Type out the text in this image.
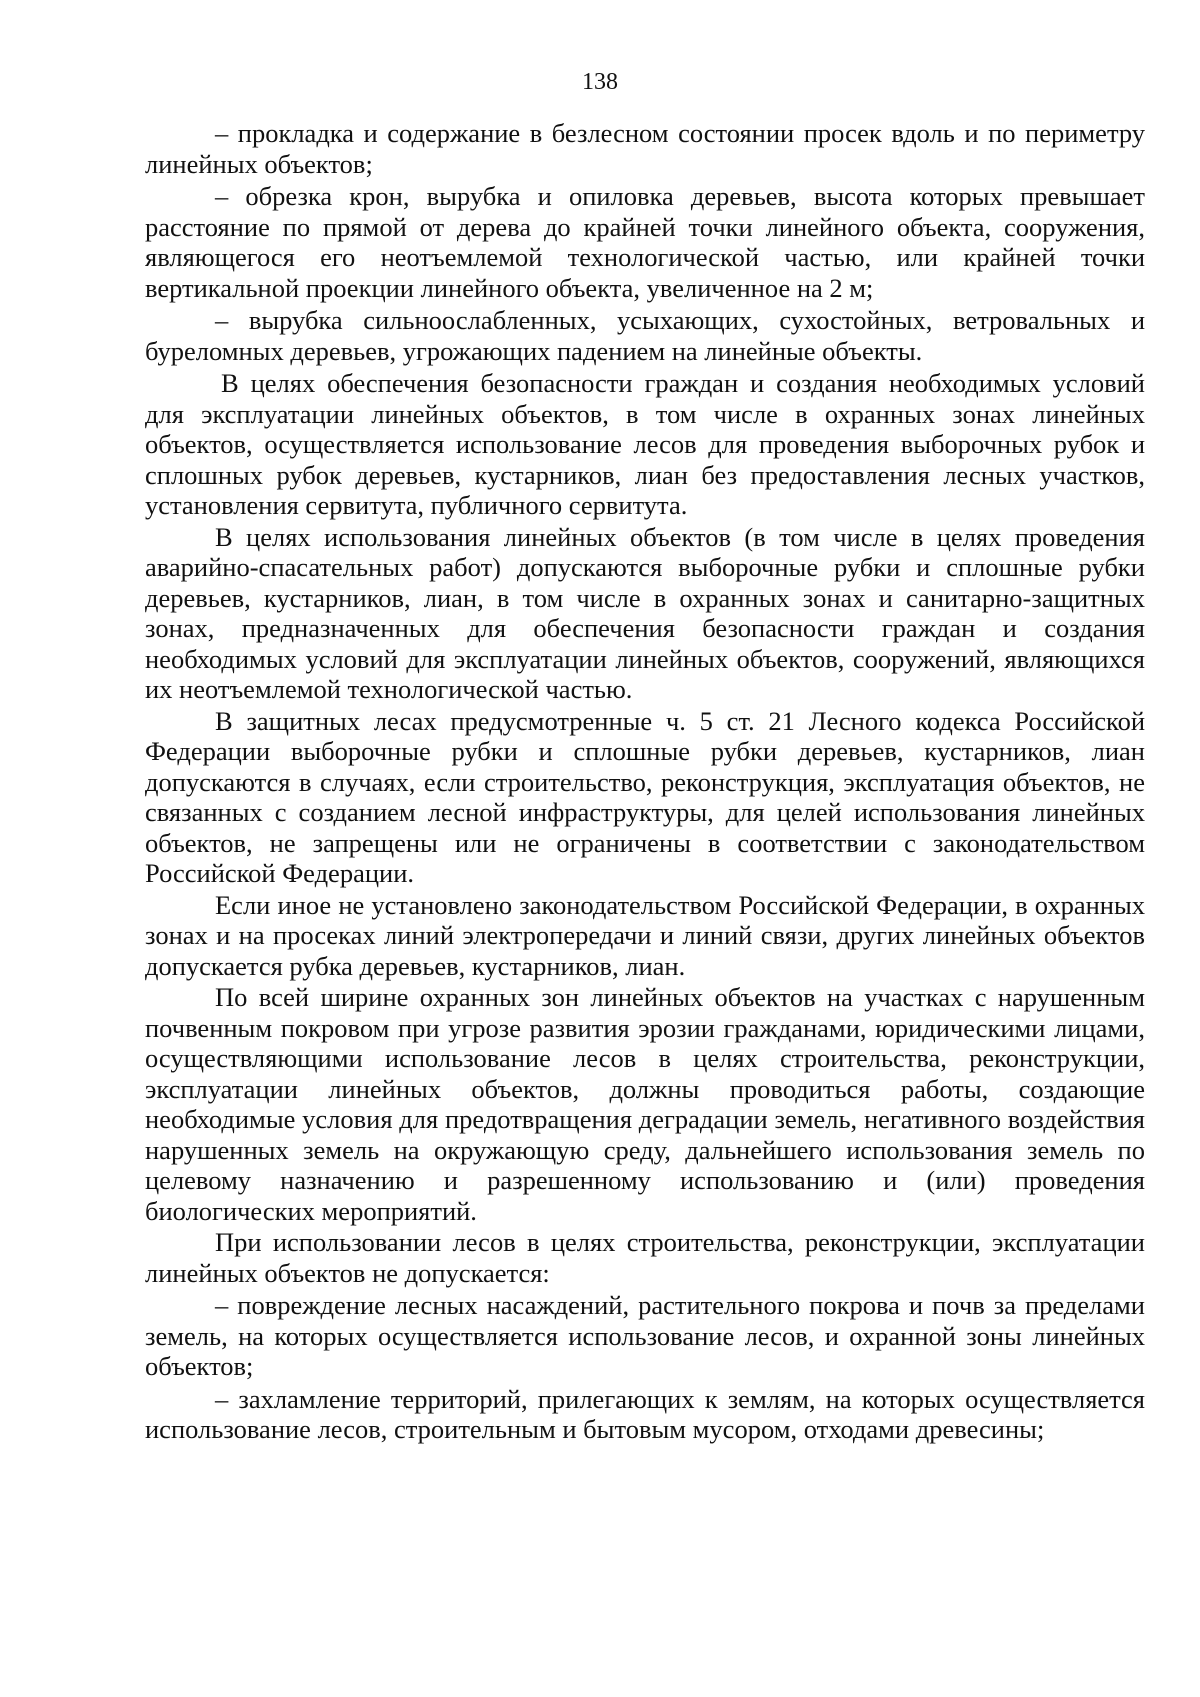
138

– прокладка и содержание в безлесном состоянии просек вдоль и по периметру линейных объектов;

– обрезка крон, вырубка и опиловка деревьев, высота которых превышает расстояние по прямой от дерева до крайней точки линейного объекта, сооружения, являющегося его неотъемлемой технологической частью, или крайней точки вертикальной проекции линейного объекта, увеличенное на 2 м;

– вырубка сильноослабленных, усыхающих, сухостойных, ветровальных и буреломных деревьев, угрожающих падением на линейные объекты.

В целях обеспечения безопасности граждан и создания необходимых условий для эксплуатации линейных объектов, в том числе в охранных зонах линейных объектов, осуществляется использование лесов для проведения выборочных рубок и сплошных рубок деревьев, кустарников, лиан без предоставления лесных участков, установления сервитута, публичного сервитута.

В целях использования линейных объектов (в том числе в целях проведения аварийно-спасательных работ) допускаются выборочные рубки и сплошные рубки деревьев, кустарников, лиан, в том числе в охранных зонах и санитарно-защитных зонах, предназначенных для обеспечения безопасности граждан и создания необходимых условий для эксплуатации линейных объектов, сооружений, являющихся их неотъемлемой технологической частью.

В защитных лесах предусмотренные ч. 5 ст. 21 Лесного кодекса Российской Федерации выборочные рубки и сплошные рубки деревьев, кустарников, лиан допускаются в случаях, если строительство, реконструкция, эксплуатация объектов, не связанных с созданием лесной инфраструктуры, для целей использования линейных объектов, не запрещены или не ограничены в соответствии с законодательством Российской Федерации.

Если иное не установлено законодательством Российской Федерации, в охранных зонах и на просеках линий электропередачи и линий связи, других линейных объектов допускается рубка деревьев, кустарников, лиан.

По всей ширине охранных зон линейных объектов на участках с нарушенным почвенным покровом при угрозе развития эрозии гражданами, юридическими лицами, осуществляющими использование лесов в целях строительства, реконструкции, эксплуатации линейных объектов, должны проводиться работы, создающие необходимые условия для предотвращения деградации земель, негативного воздействия нарушенных земель на окружающую среду, дальнейшего использования земель по целевому назначению и разрешенному использованию и (или) проведения биологических мероприятий.

При использовании лесов в целях строительства, реконструкции, эксплуатации линейных объектов не допускается:

– повреждение лесных насаждений, растительного покрова и почв за пределами земель, на которых осуществляется использование лесов, и охранной зоны линейных объектов;

– захламление территорий, прилегающих к землям, на которых осуществляется использование лесов, строительным и бытовым мусором, отходами древесины;
